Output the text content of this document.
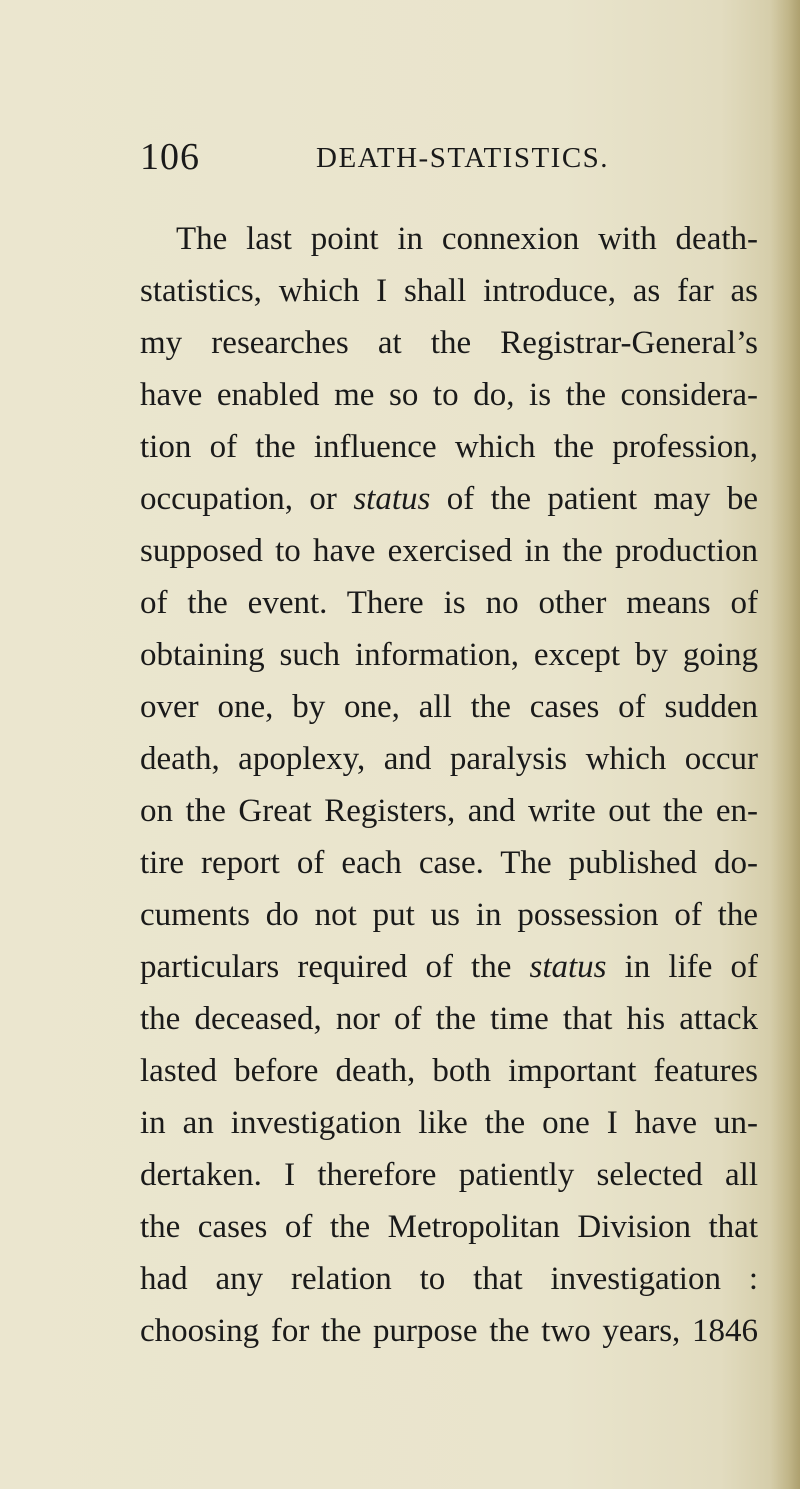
106	DEATH-STATISTICS.
The last point in connexion with death-
statistics, which I shall introduce, as far as
my researches at the Registrar-General’s
have enabled me so to do, is the considera-
tion of the influence which the profession,
occupation, or status of the patient may be
supposed to have exercised in the production
of the event. There is no other means of
obtaining such information, except by going
over one, by one, all the cases of sudden
death, apoplexy, and paralysis which occur
on the Great Registers, and write out the en-
tire report of each case. The published do-
cuments do not put us in possession of the
particulars required of the status in life of
the deceased, nor of the time that his attack
lasted before death, both important features
in an investigation like the one I have un-
dertaken. I therefore patiently selected all
the cases of the Metropolitan Division that
had any relation to that investigation :
choosing for the purpose the two years, 1846
